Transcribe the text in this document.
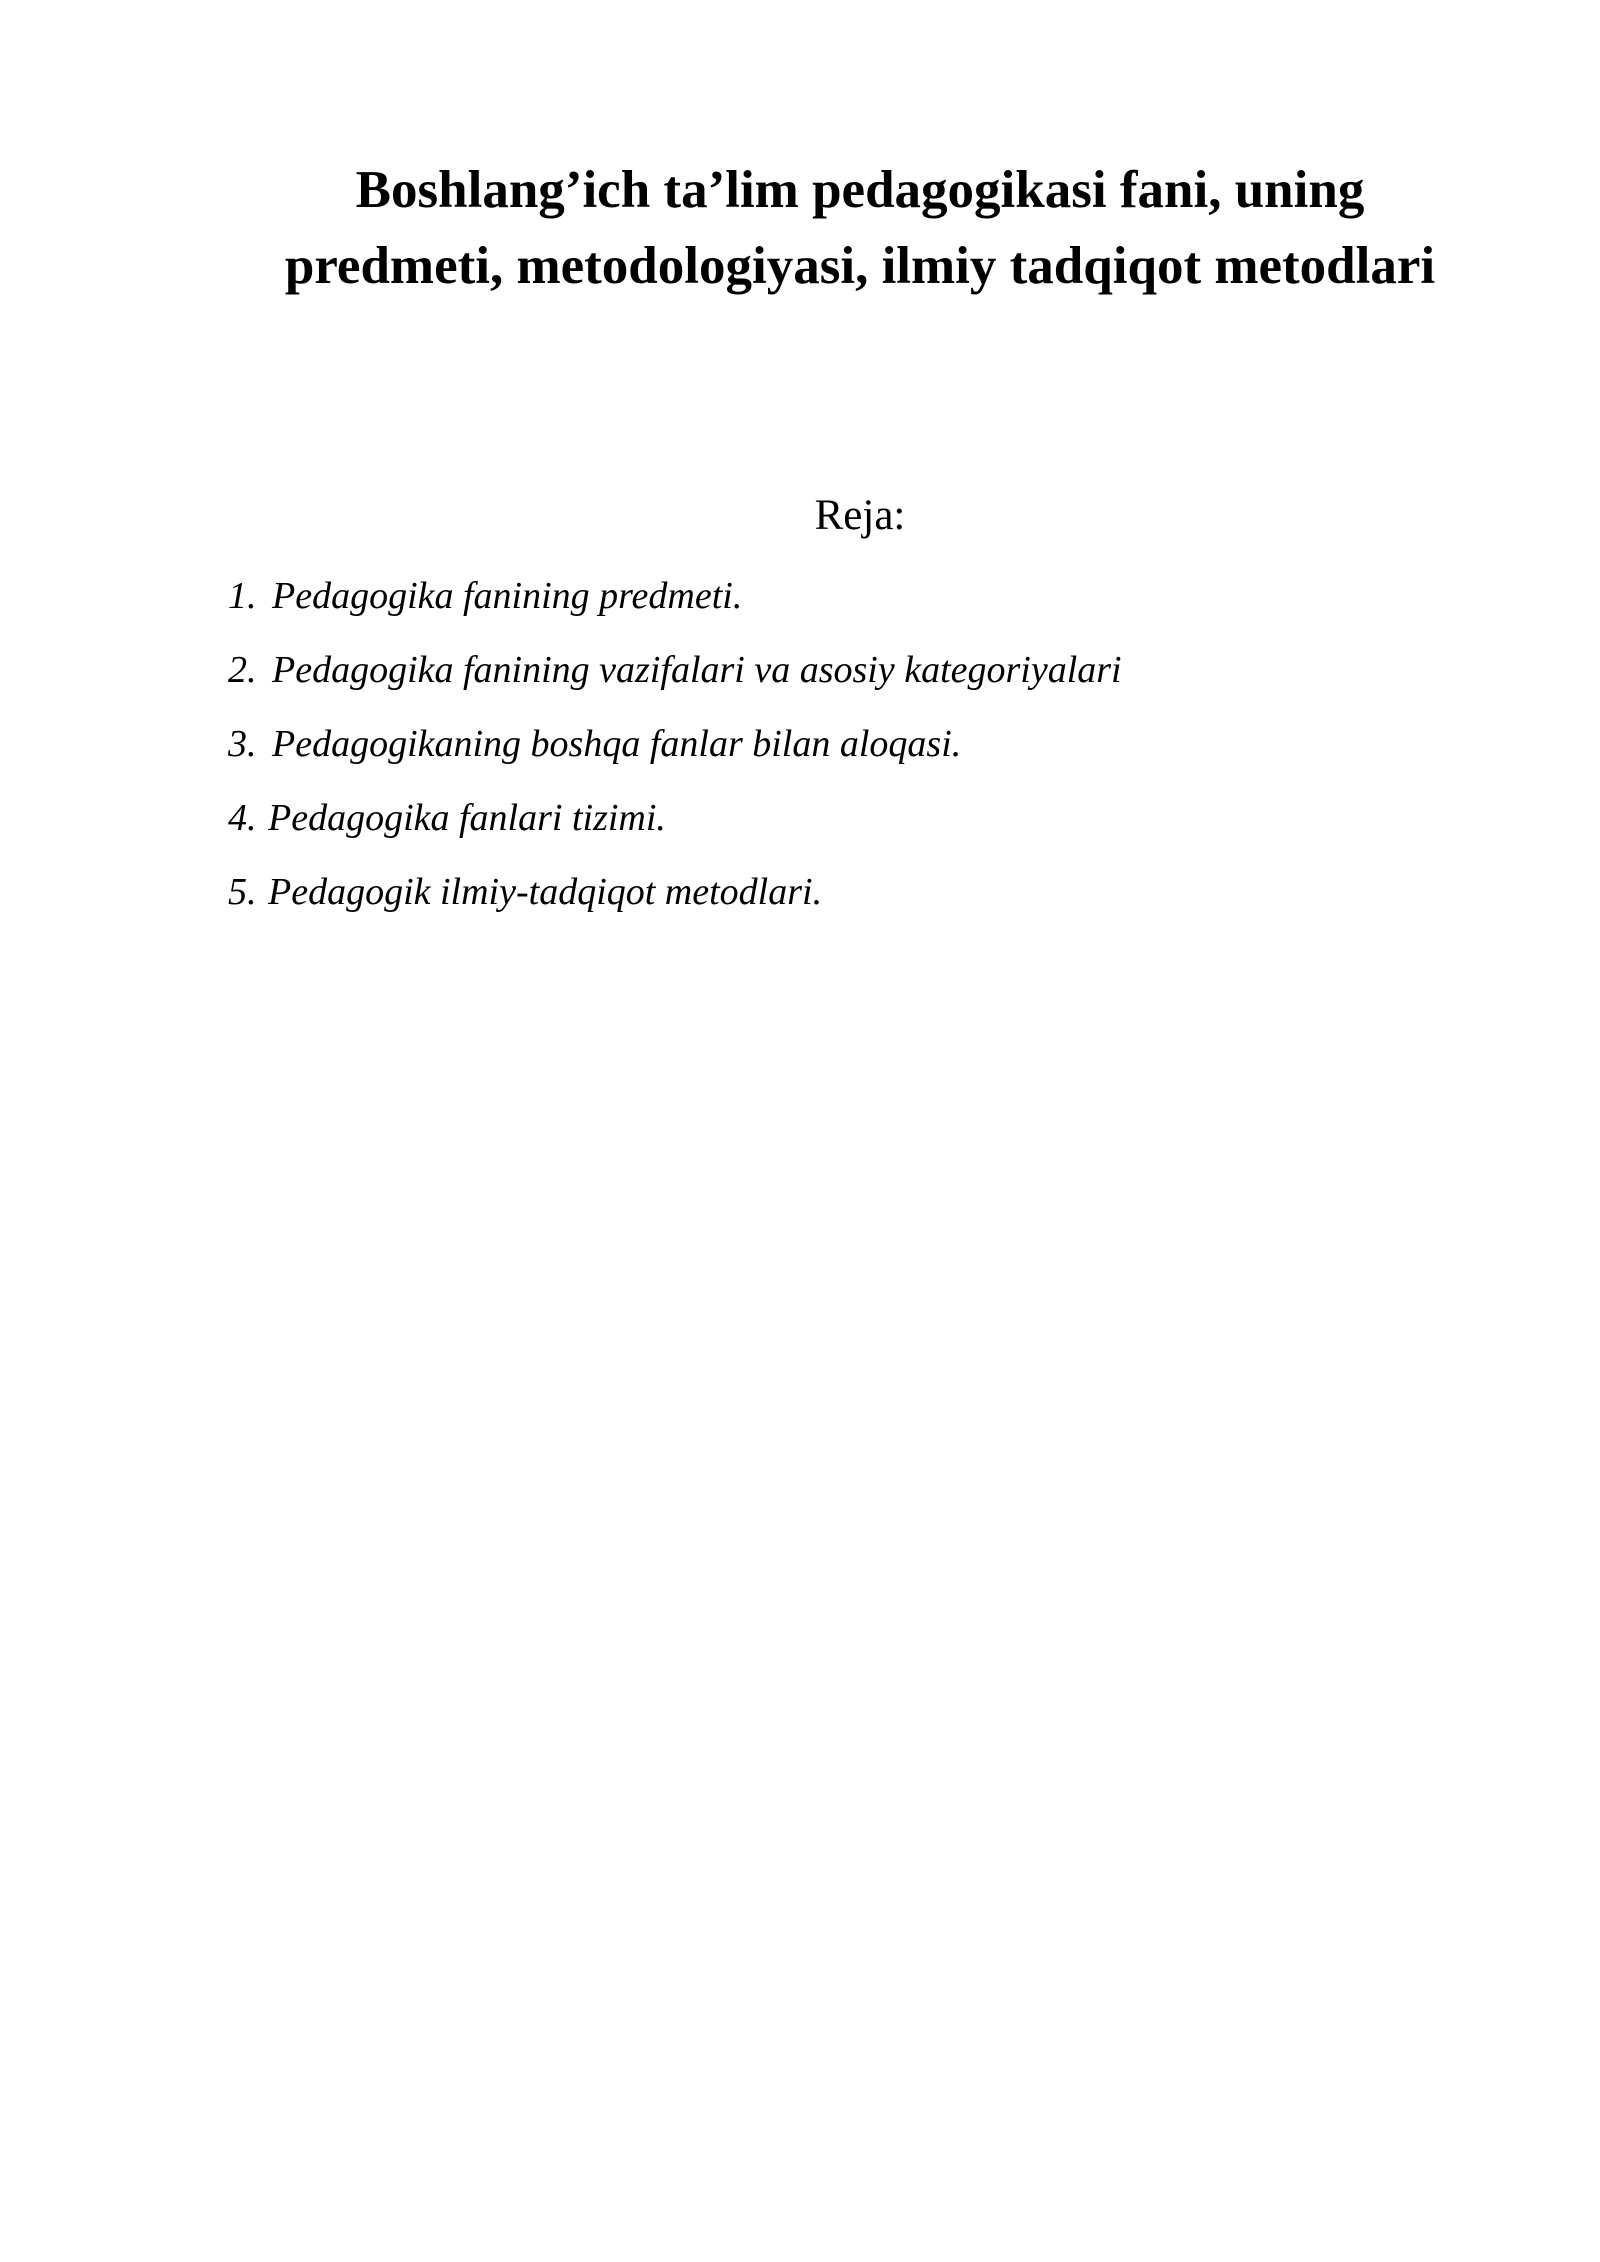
Boshlang’ich ta’lim pedagogikasi fani, uning predmeti, metodologiyasi, ilmiy tadqiqot metodlari
Reja:
1. Pedagogika fanining predmeti.
2. Pedagogika fanining vazifalari va asosiy kategoriyalari
3. Pedagogikaning boshqa fanlar bilan aloqasi.
4. Pedagogika fanlari tizimi.
5. Pedagogik ilmiy-tadqiqot metodlari.
